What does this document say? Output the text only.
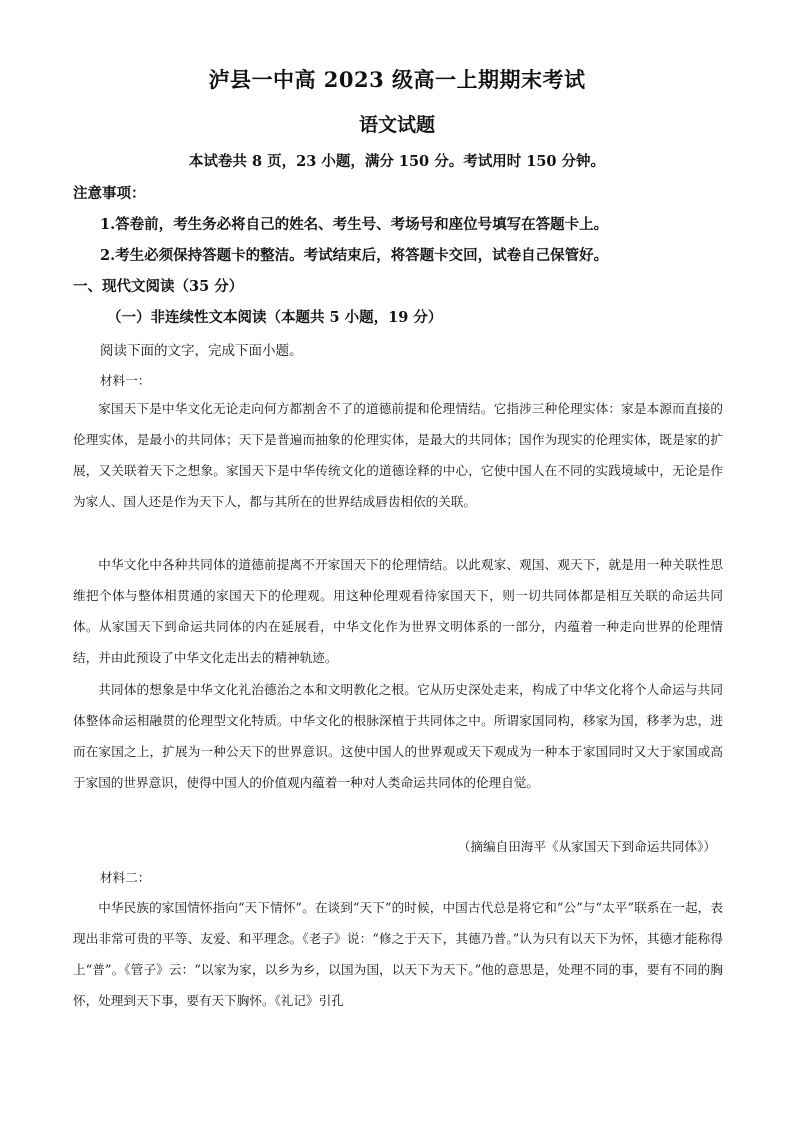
泸县一中高 2023 级高一上期期末考试
语文试题
本试卷共 8 页，23 小题，满分 150 分。考试用时 150 分钟。
注意事项：
1.答卷前，考生务必将自己的姓名、考生号、考场号和座位号填写在答题卡上。
2.考生必须保持答题卡的整洁。考试结束后，将答题卡交回，试卷自己保管好。
一、现代文阅读（35 分）
（一）非连续性文本阅读（本题共 5 小题，19 分）
阅读下面的文字，完成下面小题。
材料一：

家国天下是中华文化无论走向何方都割舍不了的道德前提和伦理情结。它指涉三种伦理实体：家是本源而直接的伦理实体，是最小的共同体；天下是普遍而抽象的伦理实体，是最大的共同体；国作为现实的伦理实体，既是家的扩展，又关联着天下之想象。家国天下是中华传统文化的道德诠释的中心，它使中国人在不同的实践境域中，无论是作为家人、国人还是作为天下人，都与其所在的世界结成唇齿相依的关联。

中华文化中各种共同体的道德前提离不开家国天下的伦理情结。以此观家、观国、观天下，就是用一种关联性思维把个体与整体相贯通的家国天下的伦理观。用这种伦理观看待家国天下，则一切共同体都是相互关联的命运共同体。从家国天下到命运共同体的内在延展看，中华文化作为世界文明体系的一部分，内蕴着一种走向世界的伦理情结，并由此预设了中华文化走出去的精神轨迹。

共同体的想象是中华文化礼治德治之本和文明教化之根。它从历史深处走来，构成了中华文化将个人命运与共同体整体命运相融贯的伦理型文化特质。中华文化的根脉深植于共同体之中。所谓家国同构，移家为国，移孝为忠，进而在家国之上，扩展为一种公天下的世界意识。这使中国人的世界观或天下观成为一种本于家国同时又大于家国或高于家国的世界意识，使得中国人的价值观内蕴着一种对人类命运共同体的伦理自觉。

（摘编自田海平《从家国天下到命运共同体》）
材料二：

中华民族的家国情怀指向“天下情怀”。在谈到“天下”的时候，中国古代总是将它和“公”与“太平”联系在一起，表现出非常可贵的平等、友爱、和平理念。《老子》说：“修之于天下，其德乃普。”认为只有以天下为怀，其德才能称得上“普”。《管子》云：“以家为家，以乡为乡，以国为国，以天下为天下。”他的意思是，处理不同的事，要有不同的胸怀，处理到天下事，要有天下胸怀。《礼记》引孔
